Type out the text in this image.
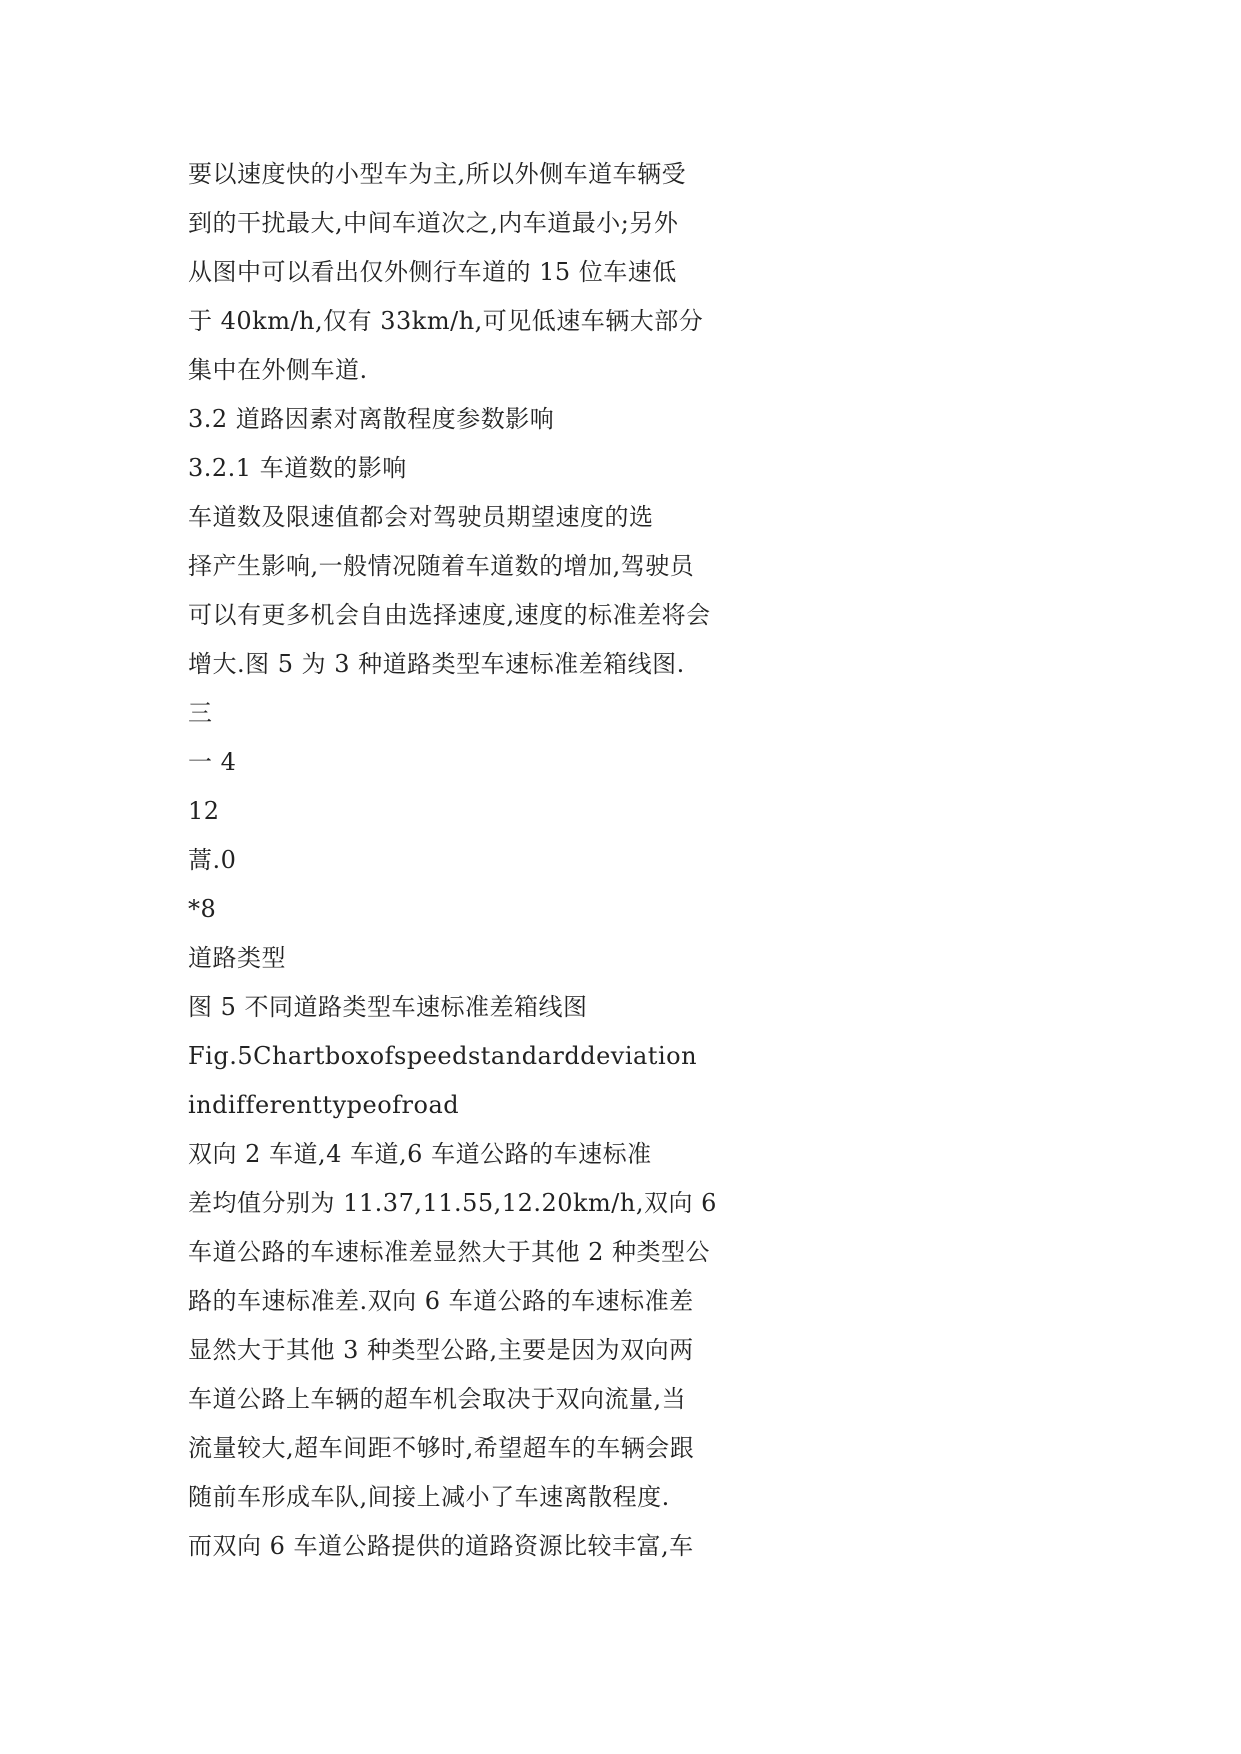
要以速度快的小型车为主,所以外侧车道车辆受
到的干扰最大,中间车道次之,内车道最小;另外
从图中可以看出仅外侧行车道的 15 位车速低
于 40km/h,仅有 33km/h,可见低速车辆大部分
集中在外侧车道.
3.2 道路因素对离散程度参数影响
3.2.1 车道数的影响
车道数及限速值都会对驾驶员期望速度的选
择产生影响,一般情况随着车道数的增加,驾驶员
可以有更多机会自由选择速度,速度的标准差将会
增大.图 5 为 3 种道路类型车速标准差箱线图.
三
一 4
12
蒿.0
*8
道路类型
图 5 不同道路类型车速标准差箱线图
Fig.5Chartboxofspeedstandarddeviation
indifferenttypeofroad
双向 2 车道,4 车道,6 车道公路的车速标准
差均值分别为 11.37,11.55,12.20km/h,双向 6
车道公路的车速标准差显然大于其他 2 种类型公
路的车速标准差.双向 6 车道公路的车速标准差
显然大于其他 3 种类型公路,主要是因为双向两
车道公路上车辆的超车机会取决于双向流量,当
流量较大,超车间距不够时,希望超车的车辆会跟
随前车形成车队,间接上减小了车速离散程度.
而双向 6 车道公路提供的道路资源比较丰富,车
